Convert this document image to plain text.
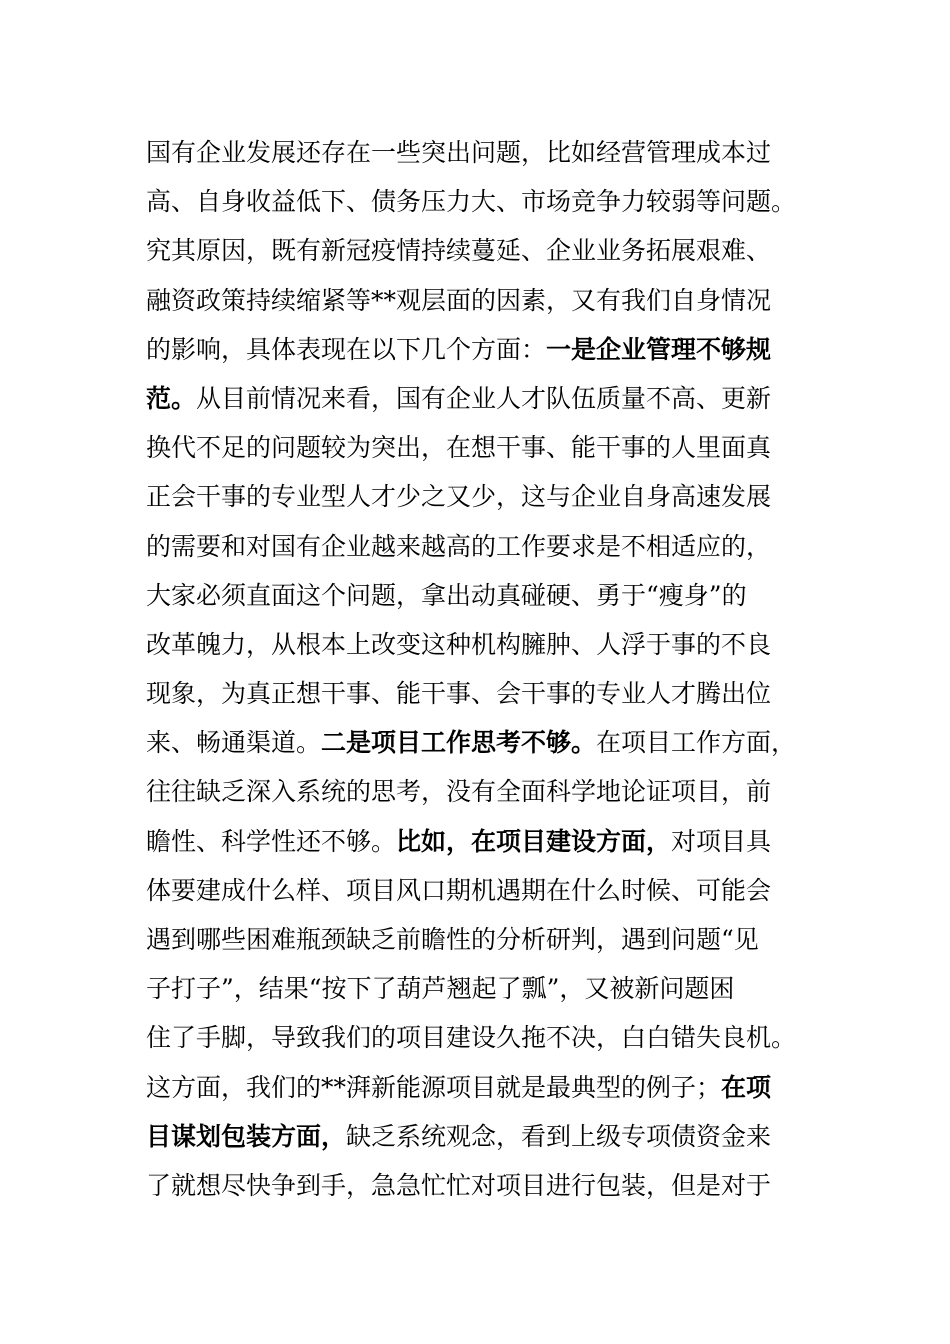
国有企业发展还存在一些突出问题，比如经营管理成本过
高、自身收益低下、债务压力大、市场竞争力较弱等问题。
究其原因，既有新冠疫情持续蔓延、企业业务拓展艰难、
融资政策持续缩紧等**观层面的因素，又有我们自身情况
的影响，具体表现在以下几个方面：一是企业管理不够规
范。从目前情况来看，国有企业人才队伍质量不高、更新
换代不足的问题较为突出，在想干事、能干事的人里面真
正会干事的专业型人才少之又少，这与企业自身高速发展
的需要和对国有企业越来越高的工作要求是不相适应的，
大家必须直面这个问题，拿出动真碰硬、勇于“瘦身”的
改革魄力，从根本上改变这种机构臃肿、人浮于事的不良
现象，为真正想干事、能干事、会干事的专业人才腾出位
来、畅通渠道。二是项目工作思考不够。在项目工作方面，
往往缺乏深入系统的思考，没有全面科学地论证项目，前
瞻性、科学性还不够。比如，在项目建设方面，对项目具
体要建成什么样、项目风口期机遇期在什么时候、可能会
遇到哪些困难瓶颈缺乏前瞻性的分析研判，遇到问题“见
子打子”，结果“按下了葫芦翘起了瓢”，又被新问题困
住了手脚，导致我们的项目建设久拖不决，白白错失良机。
这方面，我们的**湃新能源项目就是最典型的例子；在项
目谋划包装方面，缺乏系统观念，看到上级专项债资金来
了就想尽快争到手，急急忙忙对项目进行包装，但是对于
